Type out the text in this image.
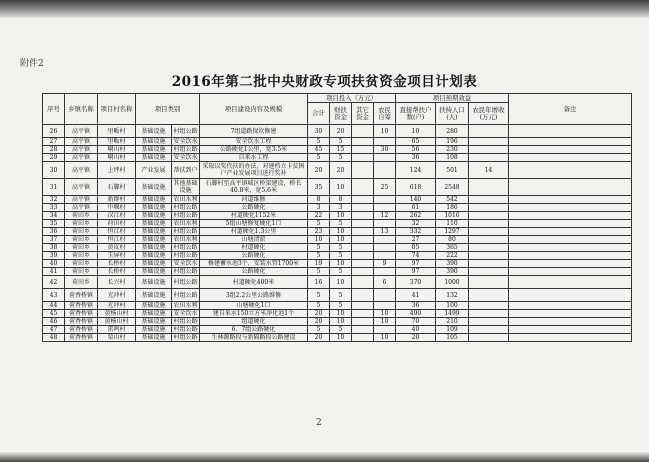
附件2
2016年第二批中央财政专项扶贫资金项目计划表
序号	乡镇名称	项目村名称	项目类别		项目建设内容及规模	项目投入（万元）				项目预期效益			备注
						合计	财扶资金	其它资金	农民自筹	直接帮扶户数(户)	扶持人口(人)	农民年增收(万元)	
26	高平镇	里畈村	基础设施	村组公路	7组道路保坎修建	30	20		10	10	280		
27	高平镇	里畈村	基础设施	安全饮水	安全饮水工程	5	5			65	196		
28	高平镇	峒山村	基础设施	村组公路	公路硬化1公里，宽3.5米	45	15		30	56	230		
29	高平镇	峒山村	基础设施	安全饮水	自来水工程	5	5			36	108		
30	高平镇	上坪村	产业发展	帮扶到户	采取以奖代扶的办法，对建档立卡贫困户产业发展项目进行奖补	20	20			124	501	14	
31	高平镇	石脚村	基础设施	其他基础设施	石脚村至高平镇城区桥梁建设，桥长40.8米，宽5.6米	35	10		25	618	2548		
32	高平镇	新群村	基础设施	农田水利	河道维修	8	8			140	542		
33	高平镇	中堰村	基础设施	村组公路	公路硬化	3	3			61	186		
34	荷田乡	汉江村	基础设施	村组公路	村道硬化1152米	22	10		12	262	1016		
35	荷田乡	荷田村	基础设施	农田水利	5组山塘修复硬化1口	5	5			32	110		
36	荷田乡	恒江村	基础设施	村组公路	村道硬化1.3公里	23	10		13	332	1297		
37	荷田乡	恒江村	基础设施	农田水利	山塘清淤	10	10			27	80		
38	荷田乡	黄皮村	基础设施	村组公路	村道硬化	5	5			85	365		
39	荷田乡	玉屏村	基础设施	村组公路	公路硬化	5	5			74	222		
40	荷田乡	长桥村	基础设施	安全饮水	修建蓄水池3个，安装水管1700米	19	10		9	97	390		
41	荷田乡	长桥村	基础设施	村组公路	公路硬化	5	5			97	390		
42	荷田乡	长兴村	基础设施	村组公路	村道硬化400米	16	10		6	370	1000		
43	荷香桥镇	光冲村	基础设施	村组公路	3组2.2公里公路维修	5	5			41	132		
44	荷香桥镇	光冲村	基础设施	农田水利	山塘硬化1口	5	5			36	100		
45	荷香桥镇	黄杨山村	基础设施	安全饮水	建自来水150立方米净化池1个	20	10		10	490	1499		
46	荷香桥镇	黄杨山村	基础设施	村组公路	组道硬化	20	10		10	70	210		
47	荷香桥镇	雷鸣村	基础设施	村组公路	6、7组公路硬化	5	5			40	109		
48	荷香桥镇	栗山村	基础设施	村组公路	生林源路段与新隔路段公路建设	20	10		10	20	105		
2
